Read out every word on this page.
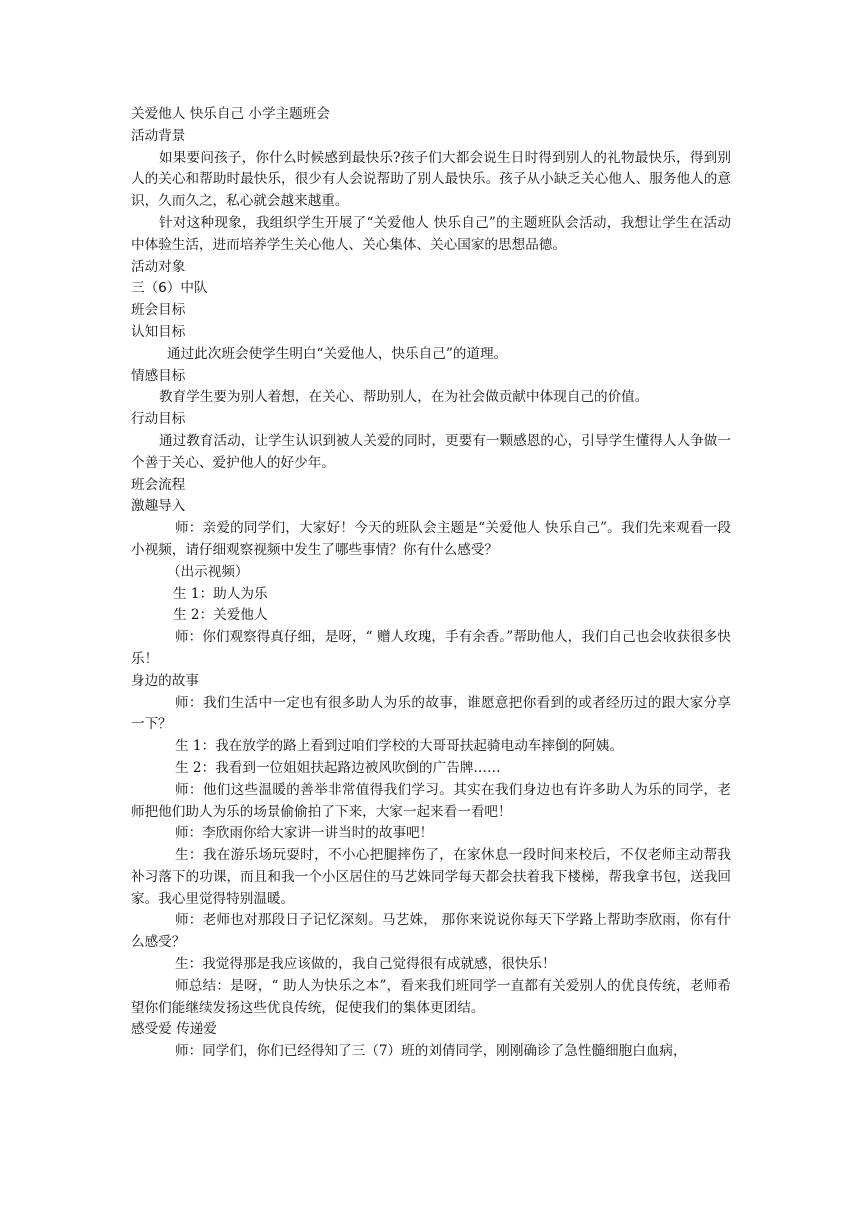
关爱他人 快乐自己 小学主题班会

活动背景

如果要问孩子，你什么时候感到最快乐?孩子们大都会说生日时得到别人的礼物最快乐，得到别人的关心和帮助时最快乐，很少有人会说帮助了别人最快乐。孩子从小缺乏关心他人、服务他人的意识，久而久之，私心就会越来越重。

针对这种现象，我组织学生开展了“关爱他人 快乐自己”的主题班队会活动，我想让学生在活动中体验生活，进而培养学生关心他人、关心集体、关心国家的思想品德。

活动对象

三（6）中队

班会目标

认知目标

通过此次班会使学生明白“关爱他人，快乐自己”的道理。

情感目标

教育学生要为别人着想，在关心、帮助别人，在为社会做贡献中体现自己的价值。

行动目标

通过教育活动，让学生认识到被人关爱的同时，更要有一颗感恩的心，引导学生懂得人人争做一个善于关心、爱护他人的好少年。

班会流程

激趣导入

师：亲爱的同学们，大家好！今天的班队会主题是“关爱他人 快乐自己”。我们先来观看一段小视频，请仔细观察视频中发生了哪些事情？你有什么感受？

（出示视频）

生 1：助人为乐

生 2：关爱他人

师：你们观察得真仔细，是呀，“ 赠人玫瑰，手有余香。”帮助他人，我们自己也会收获很多快乐！

身边的故事

师：我们生活中一定也有很多助人为乐的故事，谁愿意把你看到的或者经历过的跟大家分享一下？

生 1：我在放学的路上看到过咱们学校的大哥哥扶起骑电动车摔倒的阿姨。

生 2：我看到一位姐姐扶起路边被风吹倒的广告牌……

师：他们这些温暖的善举非常值得我们学习。其实在我们身边也有许多助人为乐的同学，老师把他们助人为乐的场景偷偷拍了下来，大家一起来看一看吧！

师：李欣雨你给大家讲一讲当时的故事吧！

生：我在游乐场玩耍时，不小心把腿摔伤了，在家休息一段时间来校后，不仅老师主动帮我补习落下的功课，而且和我一个小区居住的马艺姝同学每天都会扶着我下楼梯，帮我拿书包，送我回家。我心里觉得特别温暖。

师：老师也对那段日子记忆深刻。马艺姝， 那你来说说你每天下学路上帮助李欣雨，你有什么感受？

生：我觉得那是我应该做的，我自己觉得很有成就感，很快乐！

师总结：是呀，“ 助人为快乐之本”，看来我们班同学一直都有关爱别人的优良传统，老师希望你们能继续发扬这些优良传统，促使我们的集体更团结。

感受爱 传递爱

师：同学们，你们已经得知了三（7）班的刘倩同学，刚刚确诊了急性髓细胞白血病，
